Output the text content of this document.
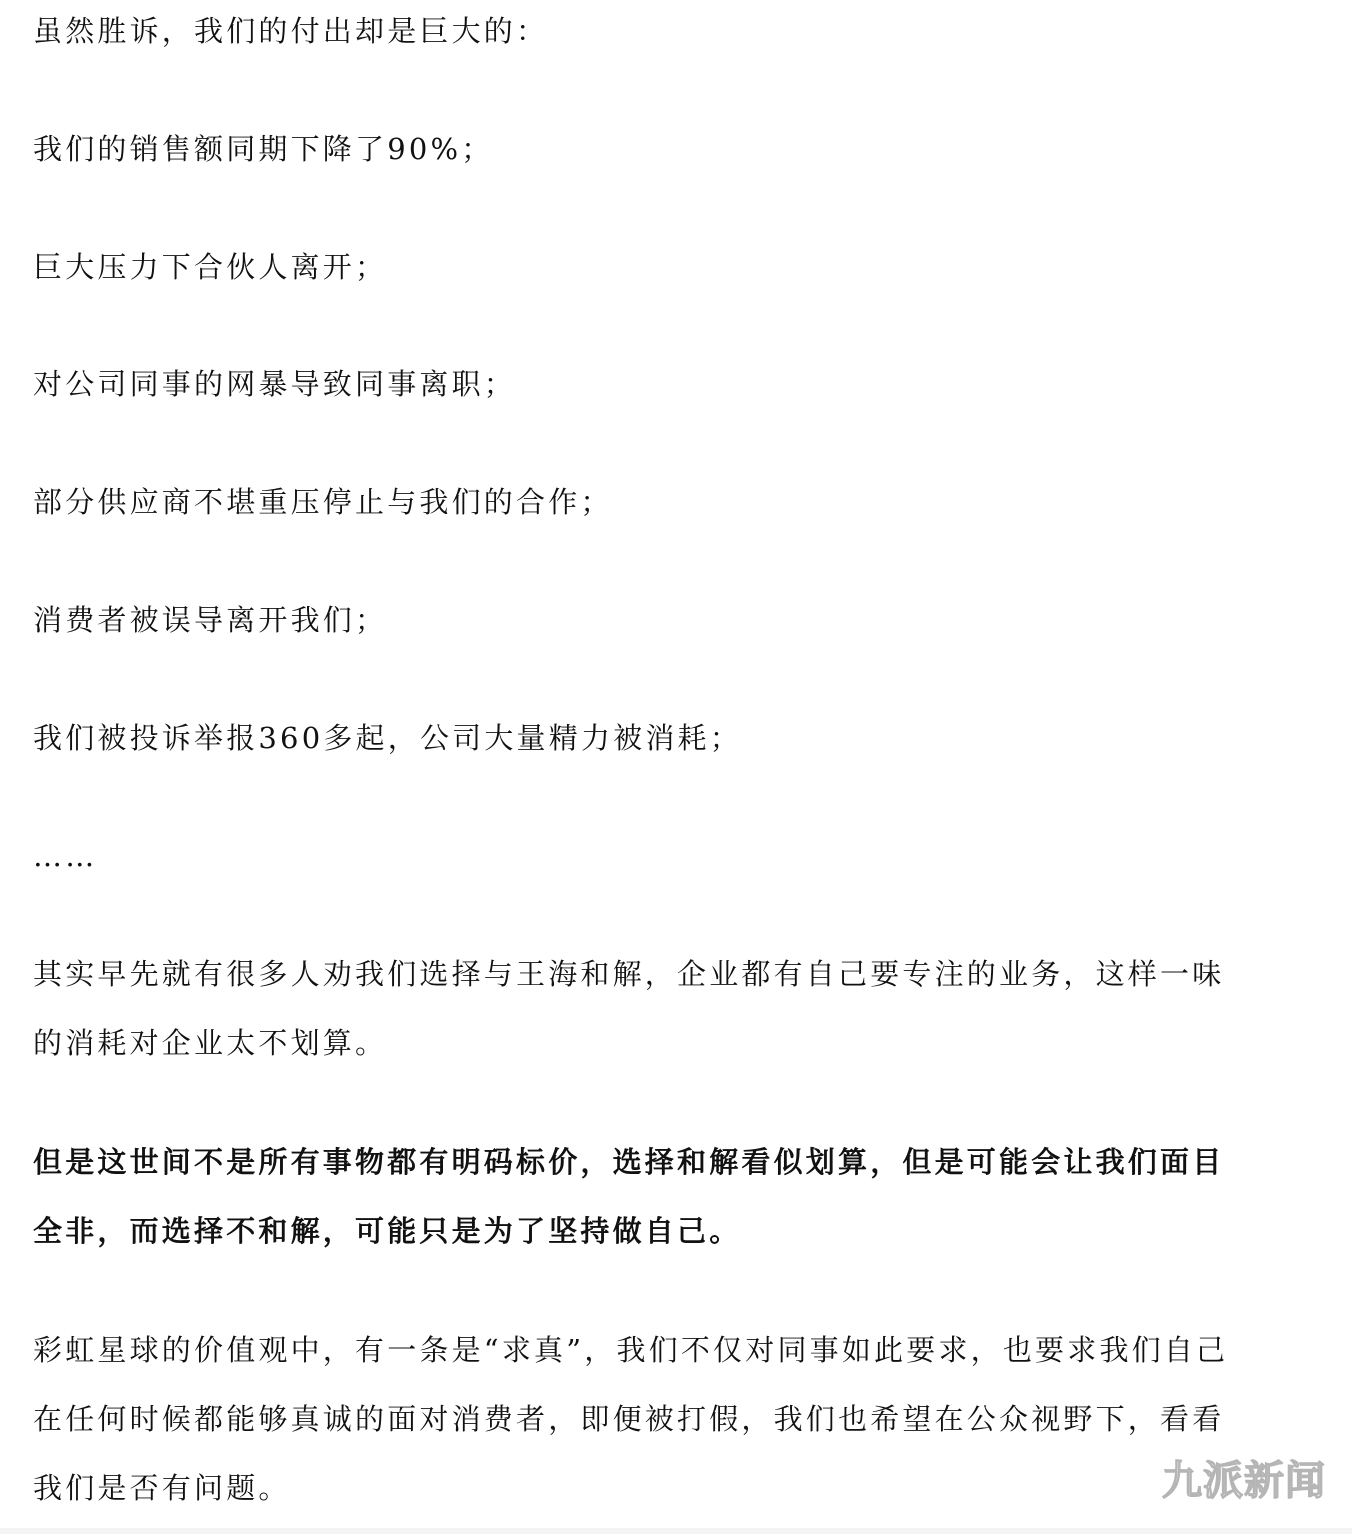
虽然胜诉，我们的付出却是巨大的：

我们的销售额同期下降了90%；

巨大压力下合伙人离开；

对公司同事的网暴导致同事离职；

部分供应商不堪重压停止与我们的合作；

消费者被误导离开我们；

我们被投诉举报360多起，公司大量精力被消耗；

……

其实早先就有很多人劝我们选择与王海和解，企业都有自己要专注的业务，这样一味
的消耗对企业太不划算。
但是这世间不是所有事物都有明码标价，选择和解看似划算，但是可能会让我们面目
全非，而选择不和解，可能只是为了坚持做自己。
彩虹星球的价值观中，有一条是“求真”，我们不仅对同事如此要求，也要求我们自己
在任何时候都能够真诚的面对消费者，即便被打假，我们也希望在公众视野下，看看
我们是否有问题。	九派新闻
